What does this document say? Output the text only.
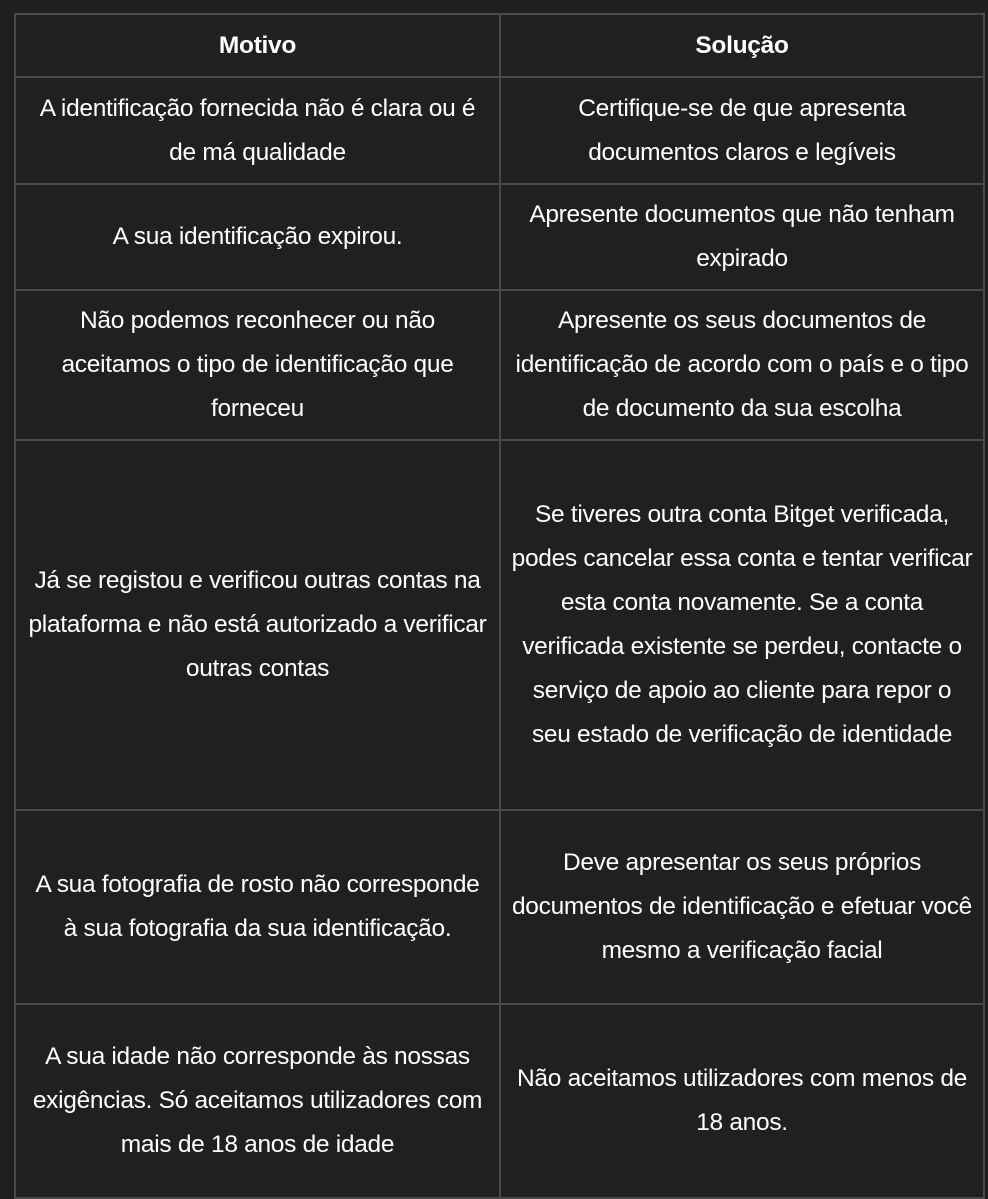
Motivo	Solução
A identificação fornecida não é clara ou é de má qualidade	Certifique-se de que apresenta documentos claros e legíveis
A sua identificação expirou.	Apresente documentos que não tenham expirado
Não podemos reconhecer ou não aceitamos o tipo de identificação que forneceu	Apresente os seus documentos de identificação de acordo com o país e o tipo de documento da sua escolha
Já se registou e verificou outras contas na plataforma e não está autorizado a verificar outras contas	Se tiveres outra conta Bitget verificada, podes cancelar essa conta e tentar verificar esta conta novamente. Se a conta verificada existente se perdeu, contacte o serviço de apoio ao cliente para repor o seu estado de verificação de identidade
A sua fotografia de rosto não corresponde à sua fotografia da sua identificação.	Deve apresentar os seus próprios documentos de identificação e efetuar você mesmo a verificação facial
A sua idade não corresponde às nossas exigências. Só aceitamos utilizadores com mais de 18 anos de idade	Não aceitamos utilizadores com menos de 18 anos.
